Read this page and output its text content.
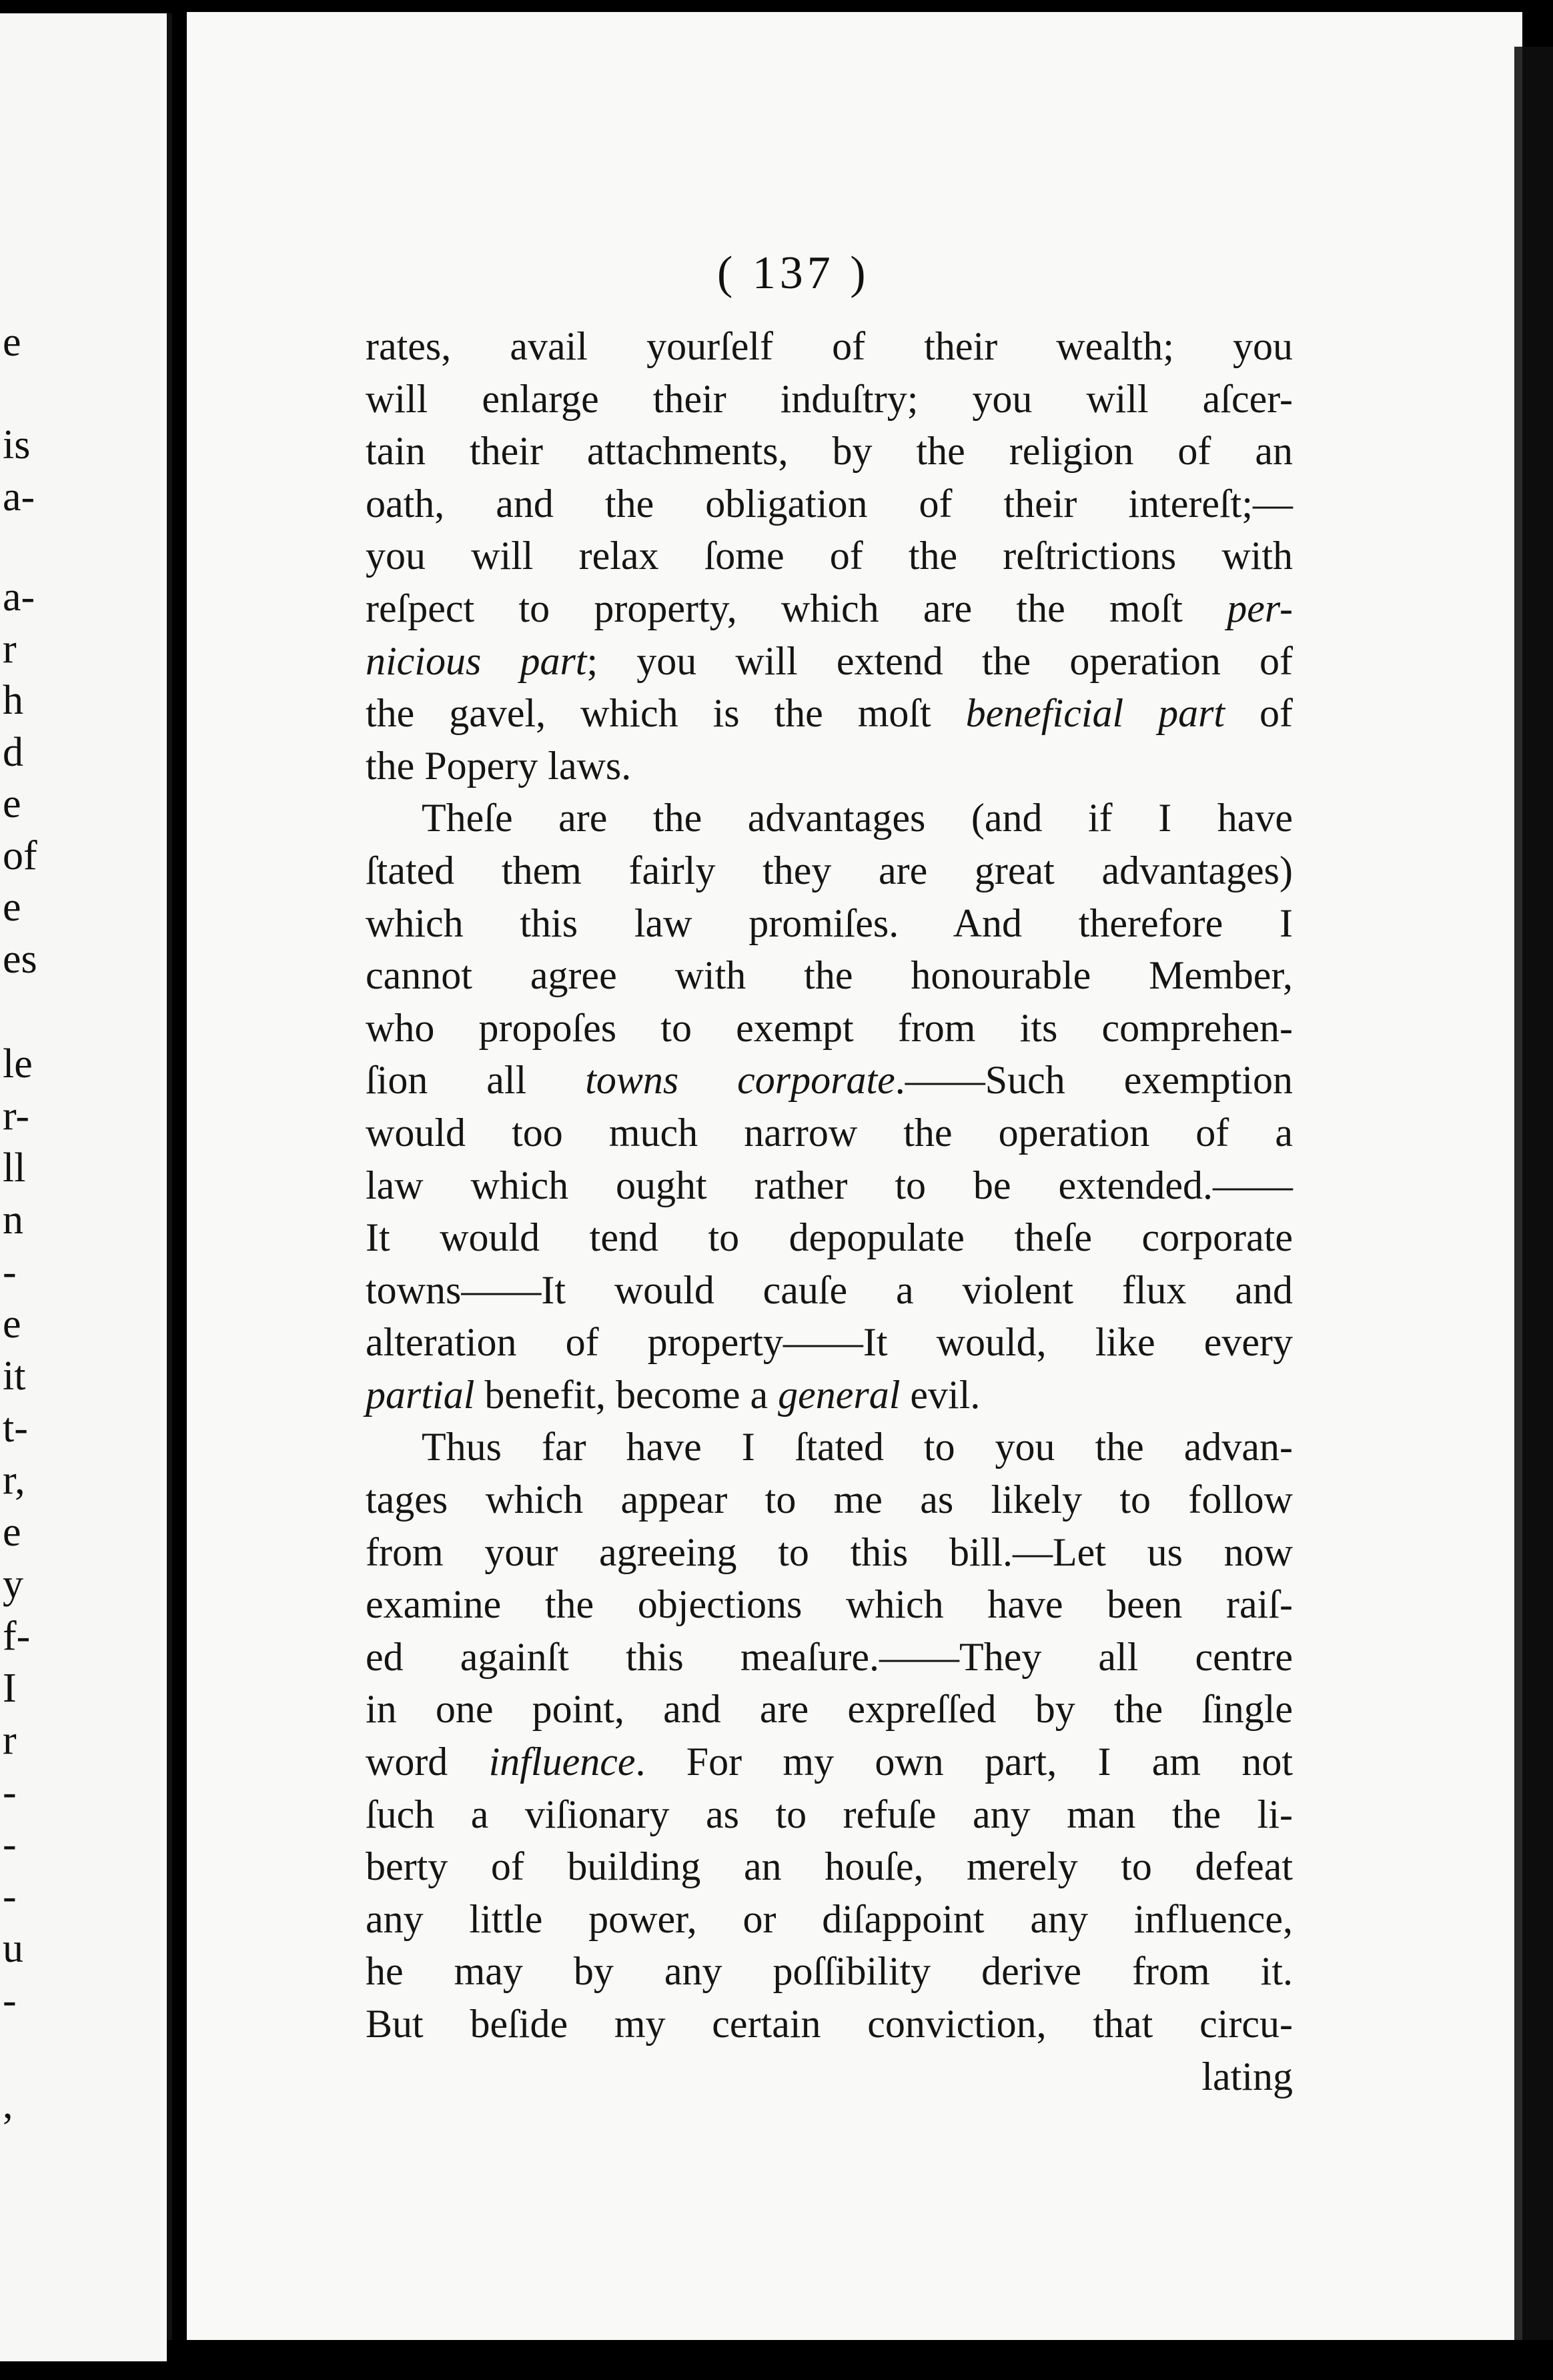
e
is
a-
a-
r
h
d
e
of
e
es
le
r-
ll
n
-
e
it
t-
r,
e
y
f-
I
r
-
-
-
u
-
,
( 137 )
rates, avail yourſelf of their wealth; you
will enlarge their induſtry; you will aſcer-
tain their attachments, by the religion of an
oath, and the obligation of their intereſt;—
you will relax ſome of the reſtrictions with
reſpect to property, which are the moſt per-
nicious part; you will extend the operation of
the gavel, which is the moſt beneficial part of
the Popery laws.
Theſe are the advantages (and if I have
ſtated them fairly they are great advantages)
which this law promiſes. And therefore I
cannot agree with the honourable Member,
who propoſes to exempt from its comprehen-
ſion all towns corporate.——Such exemption
would too much narrow the operation of a
law which ought rather to be extended.——
It would tend to depopulate theſe corporate
towns——It would cauſe a violent flux and
alteration of property——It would, like every
partial benefit, become a general evil.
Thus far have I ſtated to you the advan-
tages which appear to me as likely to follow
from your agreeing to this bill.—Let us now
examine the objections which have been raiſ-
ed againſt this meaſure.——They all centre
in one point, and are expreſſed by the ſingle
word influence. For my own part, I am not
ſuch a viſionary as to refuſe any man the li-
berty of building an houſe, merely to defeat
any little power, or diſappoint any influence,
he may by any poſſibility derive from it.
But beſide my certain conviction, that circu-
lating
